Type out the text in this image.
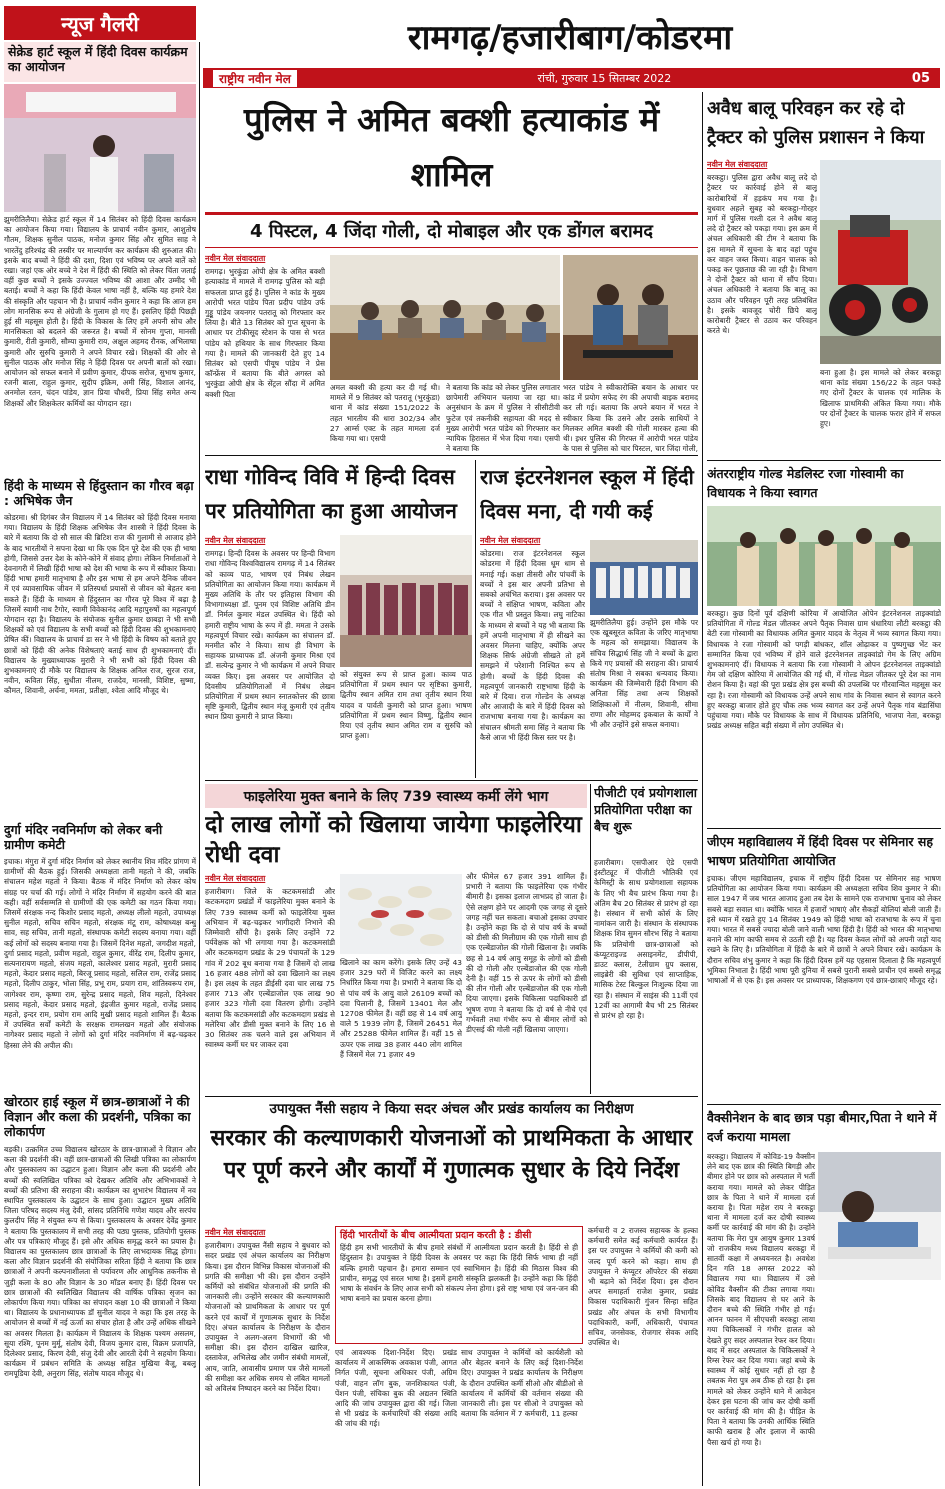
न्यूज गैलरी	रामगढ़/हजारीबाग/कोडरमा
राष्ट्रीय नवीन मेल	रांची, गुरुवार 15 सितम्बर 2022	05
सेक्रेड हार्ट स्कूल में हिंदी दिवस कार्यक्रम का आयोजन
झुमरीतिलैया। सेक्रेड हार्ट स्कूल में 14 सितंबर को हिंदी दिवस कार्यक्रम का आयोजन किया गया। विद्यालय के प्राचार्य नवीन कुमार, आशुतोष गौतम, शिक्षक सुनील पाठक, मनोज कुमार सिंह और सुमित साह ने भारतेंदु हरिश्चंद्र की तस्वीर पर माल्यार्पण कर कार्यक्रम की शुरुआत की। इसके बाद बच्चों ने हिंदी की दशा, दिशा एवं भविष्य पर अपने बातें को रखा। जहां एक ओर बच्चे ने देश में हिंदी की स्थिति को लेकर चिंता जताई वहीं कुछ बच्चों ने इसके उज्ज्वल भविष्य की आशा और उम्मीद भी बताई। बच्चों ने कहा कि हिंदी केवल भाषा नहीं है, बल्कि यह हमारे देश की संस्कृति और पहचान भी है। प्राचार्य नवीन कुमार ने कहा कि आज हम लोग मानसिक रूप से अंग्रेजी के गुलाम हो गए हैं। इसलिए हिंदी पिछड़ी हुई सी महसूस होती है। हिंदी के विकास के लिए हमें अपनी सोच और मानसिकता को बदलने की जरूरत है। बच्चों में सोनम गुप्ता, मानसी कुमारी, रीती कुमारी, सौम्या कुमारी राय, अक्षुल अहमद रौनक, अभिलाषा कुमारी और सुरुचि कुमारी ने अपने विचार रखे। शिक्षकों की ओर से सुनील पाठक और मनोज सिंह ने हिंदी दिवस पर अपनी बातों को रखा। आयोजन को सफल बनाने में प्रवीण कुमार, दीपक सरोज, सुभाष कुमार, रजनी बाला, राहुल कुमार, सुदीप इक्रिम, अमी सिंह, विशाल आनंद, अनमोल रतन, चंदन पांडेय, ज्ञान प्रिया चौधरी, प्रिया सिंह समेत अन्य शिक्षकों और शिक्षकेतर कर्मियों का योगदान रहा।
हिंदी के माध्यम से हिंदुस्तान का गौरव बढ़ा : अभिषेक जैन
कोडरमा। श्री दिगंबर जैन विद्यालय में 14 सितंबर को हिंदी दिवस मनाया गया। विद्यालय के हिंदी शिक्षक अभिषेक जैन शास्त्री ने हिंदी दिवस के बारे में बताया कि दो सौ साल की ब्रिटिश राज की गुलामी से आजाद होने के बाद भारतीयों ने सपना देखा था कि एक दिन पूरे देश की एक ही भाषा होगी, जिससे उत्तर देश के कोने-कोने में संवाद होगा। लेकिन निर्माताओं ने देवनागरी में लिखी हिंदी भाषा को देश की भाषा के रूप में स्वीकार किया। हिंदी भाषा हमारी मातृभाषा है और इस भाषा से हम अपने दैनिक जीवन में एवं व्यावसायिक जीवन में प्रतिस्पर्धा प्रयासों से जीवन को बेहतर बना सकते हैं। हिंदी के माध्यम से हिंदुस्तान का गौरव पूरे विश्व में बढ़ा है जिसमें स्वामी नाथ टैगोर, स्वामी विवेकानंद आदि महापुरुषों का महत्वपूर्ण योगदान रहा है। विद्यालय के संयोजक सुनील कुमार छाबड़ा ने भी सभी शिक्षकों को एवं विद्यालय के सभी बच्चों को हिंदी दिवस की शुभकामनाएं प्रेषित कीं। विद्यालय के प्राचार्य डा सर ने भी हिंदी के विषय को बताते हुए छात्रों को हिंदी की अनेक विशेषताएं बताई साथ ही शुभकामनाएं दीं। विद्यालय के मुख्याध्यापक मुरारी ने भी सभी को हिंदी दिवस की शुभकामनाएं दी मौके पर विद्यालय के शिक्षक अनिल राज, सुरज राज, नवीन, कविता सिंह, सुधीता नीलम, राजदेव, मानसी, विशिष्ट, सुष्मा, कौमत, शिवानी, अर्चना, ममता, प्रतीक्षा, श्वेता आदि मौजूद थे।
दुर्गा मंदिर नवनिर्माण को लेकर बनी ग्रामीण कमेटी
इचाक। मंगुरा में दुर्गा मंदिर निर्माण को लेकर स्थानीय शिव मंदिर प्रांगण में ग्रामीणों की बैठक हुई। जिसकी अध्यक्षता तानी महतो ने की, जबकि संचालन महेश महतो ने किया। बैठक में मंदिर निर्माण को लेकर कोष संग्रह पर चर्चा की गई। लोगों ने मंदिर निर्माण में सहयोग करने की बात कही। वहीं सर्वसम्मति से ग्रामीणों की एक कमेटी का गठन किया गया। जिसमें संरक्षक नन्द किशोर प्रसाद महतो, अध्यक्ष लीलो महतो, उपाध्यक्ष सुनील महतो, सचिव सचिन महतो, संरक्षक मंटू राम, कोषाध्यक्ष बन्धु साव, सह सचिव, तानी महतो, संस्थापक कमेटी सदस्य बनाया गया। वहीं कई लोगों को सदस्य बनाया गया है। जिसमें दिनेश महतो, जगदीश महतो, दुर्गा प्रसाद महतो, प्रवीण महतो, राहुल कुमार, वीरेंद्र राम, दिलीप कुमार, सत्यनारायण महतो, संजय महतो, कालेश्वर प्रसाद महतो, मुरारी प्रसाद महतो, केदार प्रसाद महतो, बिरजू प्रसाद महतो, सलिल राम, राजेंद्र प्रसाद महतो, दिलीप ठाकुर, भोला सिंह, प्रभू राम, प्रयाग राम, शांतिस्वरूप राम, जागेश्वर राम, कृष्णा राम, सुरेन्द्र प्रसाद महतो, शिव महतो, दिनेश्वर प्रसाद महतो, केदार प्रसाद महतो, इंद्रजीत कुमार महतो, राजेंद्र प्रसाद महतो, इन्दर राम, प्रयोग राम आदि मुखी प्रसाद महतो शामिल हैं। बैठक में उपस्थित सर्वों कमेटी के सरक्षक रामलखन महतो और संयोजक नागेश्वर प्रसाद महतो ने लोगों को दुर्गा मंदिर नवनिर्माण में बढ़-चढ़कर हिस्सा लेने की अपील की।
खोरठार हाई स्कूल में छात्र-छात्राओं ने की विज्ञान और कला की प्रदर्शनी, पत्रिका का लोकार्पण
बड़की। उत्क्रमित उच्च विद्यालय खोरठार के छात्र-छात्राओं ने विज्ञान और कला की प्रदर्शनी की। वहीं छात्र-छात्राओं की लिखी पत्रिका का लोकार्पण और पुस्तकालय का उद्घाटन हुआ। विज्ञान और कला की प्रदर्शनी और बच्चों की स्वलिखित पत्रिका को देखकर अतिथि और अभिभावकों ने बच्चों की प्रतिभा की सराहना की। कार्यक्रम का शुभारंभ विद्यालय में नव स्थापित पुस्तकालय के उद्घाटन के साथ हुआ। उद्घाटन मुख्य अतिथि जिला परिषद सदस्य मंजु देवी, सांसद प्रतिनिधि गणेश यादव और सरपंच कुलदीप सिंह ने संयुक्त रूप से किया। पुस्तकालय के अवसर देवेंद्र कुमार ने बताया कि पुस्तकालय में सभी तरह की पठ्य पुस्तक, प्रतियोगी पुस्तक और पत्र पत्रिकाएं मौजूद हैं। इसे और अधिक समृद्ध करने का प्रयास है। विद्यालय का पुस्तकालय छात्र छात्राओं के लिए लाभदायक सिद्ध होगा। कला और विज्ञान प्रदर्शनी की संयोजिका सरिता हिंदी ने बताया कि छात्र छात्राओं ने अपनी कल्पनाशीलता से पर्यावरण और आधुनिक तकनीक से जुड़ी कला के 80 और विज्ञान के 30 मॉडल बनाए हैं। हिंदी दिवस पर छात्र छात्राओं की स्वलिखित विद्यालय की वार्षिक पत्रिका सृजन का लोकार्पण किया गया। पत्रिका का संपादन कक्षा 10 की छात्राओं ने किया था। विद्यालय के प्रधानाध्यापक डॉ सुनील यादव ने कहा कि इस तरह के आयोजन से बच्चों में नई ऊर्जा का संचार होता है और उन्हें अधिक सीखने का अवसर मिलता है। कार्यक्रम में विद्यालय के शिक्षक पश्यम असलम, सूया रश्मि, पूनम मुर्मू, संतोष देवी, विजय कुमार दास, विक्रम प्रजापति, दिलेश्वर प्रसाद, किरण देवी, संजु देवी और आरती देवी ने सहयोग किया। कार्यक्रम में प्रबंधन समिति के अध्यक्ष सहित मुखिया बैजू, बबलू रामपूडिया देवी, अनुराग सिंह, संतोष यादव मौजूद थे।
पुलिस ने अमित बक्शी हत्याकांड में शामिल
4 पिस्टल, 4 जिंदा गोली, दो मोबाइल और एक डोंगल बरामद
नवीन मेल संवाददाता
रामगढ़। भुरकुंडा ओपी क्षेत्र के अमित बक्शी हत्याकांड में मामले में रामगढ़ पुलिस को बड़ी सफलता प्राप्त हुई है। पुलिस ने कांड के मुख्य आरोपी भरत पांडेय पिता प्रदीप पांडेय उर्फ गुड्डू पांडेय जयनगर पतरातू को गिरफ्तार कर लिया है। बीते 13 सितंबर को गुप्त सूचना के आधार पर टोकीसूद स्टेशन के पास से भरत पांडेय को हथियार के साथ गिरफ्तार किया गया है। मामले की जानकारी देते हुए 14 सितंबर को एसपी पीयूष पांडेय ने प्रेस कॉन्फ्रेंस में बताया कि बीते अगस्त को भुरकुंडा ओपी क्षेत्र के सेंट्रल सौंदा में अमित बक्शी पिता
अमल बक्शी की हत्या कर दी गई थी। मामले में 9 सितंबर को पतरातू (भुरकुंडा) थाना में कांड संख्या 151/2022 के तहत भारतीय की धारा 302/34 और 27 आर्म्स एक्ट के तहत मामला दर्ज किया गया था। एसपी
ने बताया कि कांड को लेकर पुलिस लगातार छापेमारी अभियान चलाया जा रहा था। अनुसंधान के क्रम में पुलिस ने सीसीटीवी फुटेज एवं तकनीकी सहायता की मदद से मुख्य आरोपी भरत पांडेय को गिरफ्तार कर न्यायिक हिरासत में भेज दिया गया। एसपी ने बताया कि
भरत पांडेय ने स्वीकारोक्ति बयान के आधार पर कांड में प्रयोग सफेद रंग की अपाची बाइक बरामद कर ली गई। बताया कि अपने बयान में भरत ने स्वीकार किया कि उसने और उसके साथियों ने मिलकर अमित बक्शी की गोली मारकर हत्या की थी। इधर पुलिस की गिरफ्त में आरोपी भरत पांडेय के पास से पुलिस को चार पिस्टल, चार जिंदा गोली,
राधा गोविन्द विवि में हिन्दी दिवस पर प्रतियोगिता का हुआ आयोजन
नवीन मेल संवाददाता
रामगढ़। हिन्दी दिवस के अवसर पर हिन्दी विभाग राधा गोविन्द विश्वविद्यालय रामगढ़ में 14 सितंबर को काव्य पाठ, भाषण एवं निबंध लेखन प्रतियोगिता का आयोजन किया गया। कार्यक्रम में मुख्य अतिथि के तौर पर इतिहास विभाग की विभागाध्यक्षा डॉ. पूनम एवं विशिष्ट अतिथि डीन डॉ. निर्मल कुमार मंडल उपस्थित थे। हिंदी को हमारी राष्ट्रीय भाषा के रूप में ही. ममता ने उसके महत्वपूर्ण विचार रखे। कार्यक्रम का संचालन डॉ. मनमीत कौर ने किया। साथ ही विभाग के सहायक प्राध्यापक डॉ. अंजनी कुमार मिश्रा एवं डॉ. सत्येन्द्र कुमार ने भी कार्यक्रम में अपने विचार व्यक्त किए। इस अवसर पर आयोजित दो दिवसीय प्रतियोगिताओं में निबंध लेखन प्रतियोगिता में प्रथम स्थान स्नातकोत्तर की छात्रा सृष्टि कुमारी, द्वितीय स्थान मंजू कुमारी एवं तृतीय स्थान प्रिया कुमारी ने प्राप्त किया।
को संयुक्त रूप से प्राप्त हुआ। काव्य पाठ प्रतियोगिता में प्रथम स्थान पर सृष्टिका कुमारी, द्वितीय स्थान अमित राम तथा तृतीय स्थान रिया यादव व पार्वती कुमारी को प्राप्त हुआ। भाषण प्रतियोगिता में प्रथम स्थान विष्णु, द्वितीय स्थान रिया एवं तृतीय स्थान अमित राम व सुरुचि को प्राप्त हुआ।
राज इंटरनेशनल स्कूल में हिंदी दिवस मना, दी गयी कई
नवीन मेल संवाददाता
कोडरमा। राज इंटरनेशनल स्कूल कोडरमा में हिंदी दिवस धूम धाम से मनाई गई। कक्षा तीसरी और पांचवीं के बच्चों ने इस बार अपनी प्रतिभा से सबको अचंभित कराया। इस अवसर पर बच्चों ने संक्षिप्त भाषण, कविता और एक गीत भी प्रस्तुत किया। लघु नाटिका के माध्यम से बच्चों ने यह भी बताया कि हमें अपनी मातृभाषा में ही सीखने का अवसर मिलना चाहिए, क्योंकि अपर शिक्षक सिर्फ अंग्रेजी सीखते तो हमें समझने में परेशानी निश्चित रूप से होगी। बच्चों के हिंदी दिवस की महत्वपूर्ण जानकारी राष्ट्रभाषा हिंदी के बारे में दिया। राज गोल्डेन के अध्यक्ष और आजादी के बारे में हिंदी दिवस को राजभाषा बनाया गया है। कार्यक्रम का संचालन श्रीमती समा सिंह ने बताया कि कैसे आज भी हिंदी किस स्तर पर है।
झुमरीतिलैया हुई। उन्होंने इस मौके पर एक खूबसूरत कविता के जरिए मातृभाषा के महत्व को समझाया। विद्यालय के संचिव सिद्धार्थ सिंह जी ने बच्चों के द्वारा किये गए प्रयासों की सराहना की। प्राचार्य संतोष मिश्रा ने सबका धन्यवाद किया। कार्यक्रम की जिम्मेवारी हिंदी विभाग की अनिता सिंह तथा अन्य शिक्षकों शिक्षिकाओं में नीलम, शिवानी, सीमा राणा और मोहम्मद इकबाल के कार्यों ने भी और उन्होंने इसे सफल बनाया।
फाइलेरिया मुक्त बनाने के लिए 739 स्वास्थ्य कर्मी लेंगे भाग
दो लाख लोगों को खिलाया जायेगा फाइलेरिया रोधी दवा
नवीन मेल संवाददाता
हजारीबाग। जिले के कटकमसांडी और कटकमदाग प्रखंडों में फाइलेरिया मुक्त बनाने के लिए 739 स्वास्थ्य कर्मी को फाइलेरिया मुक्त अभियान में बढ़-चढ़कर भागीदारी निभाने की जिम्मेवारी सौंपी है। इसके लिए उन्होंने 72 पर्यवेक्षक को भी लगाया गया है। कटकमसांडी और कटकमदाग प्रखंड के 29 पंचायतों के 129 गांव में 202 बूथ बनाया गया है जिसमें दो लाख 16 हजार 488 लोगों को दवा खिलाने का लक्ष्य है। इस लक्ष्य के तहत डीईसी दवा चार लाख 75 हजार 713 और एल्बेंडाजोल एक लाख 90 हजार 323 गोली दवा वितरण होगी। उन्होंने बताया कि कटकमसांडी और कटकमदाग प्रखंड से मलेरिया और डीसी मुक्त बनाने के लिए 16 से 30 सितंबर तक चलने वाले इस अभियान में स्वास्थ्य कर्मी घर घर जाकर दवा
खिलाने का काम करेंगे। इसके लिए उन्हें 43 हजार 329 घरों में विजिट करने का लक्ष्य निर्धारित किया गया है। प्रभारी ने बताया कि दो से पांच वर्ष के आयु वाले 26109 बच्चों को दवा पिलानी है, जिसमें 13401 मेल और 12708 फीमेल हैं। वहीं छह से 14 वर्ष आयु वाले 5 1939 लोग हैं, जिसमें 26451 मेल और 25288 फीमेल शामिल हैं। वहीं 15 से ऊपर एक लाख 38 हजार 440 लोग शामिल हैं जिसमें मेल 71 हजार 49
और फीमेल 67 हजार 391 शामिल हैं। प्रभारी ने बताया कि फाइलेरिया एक गंभीर बीमारी है। इसका इलाज लाभप्रद हो जाता है। ऐसे लक्षण होने पर आदमी एक जगह से दूसरे जगह नहीं चल सकता। बचाओ इसका उपचार है। उन्होंने कहा कि दो से पांच वर्ष के बच्चों को डीसी की मिलीग्राम की एक गोली साथ ही एक एल्बेंडाजोल की गोली खिलाना है। जबकि छह से 14 वर्ष आयु समूह के लोगों को डीसी की दो गोली और एल्बेंडाजोल की एक गोली देनी है। वहीं 15 से ऊपर के लोगों को डीसी की तीन गोली और एल्बेंडाजोल की एक गोली दिया जाएगा। इसके चिकित्सा पदाधिकारी डॉ भूषण राणा ने बताया कि दो वर्ष से नीचे एवं गर्भवती तथा गंभीर रूप से बीमार लोगों को डीएसई की गोली नहीं खिलाया जाएगा।
पीजीटी एवं प्रयोगशाला प्रतियोगिता परीक्षा का बैच शुरू
हजारीबाग। एसपीआर ऐडे एसपी इंस्टीट्यूट में पीजीटी भौतिकी एवं केमिस्ट्री के साथ प्रयोगशाला सहायक के लिए भी बैच प्रारंभ किया गया है। अंतिम बैच 20 सितंबर से प्रारंभ हो रहा है। संस्थान में सभी कोर्स के लिए नामांकन जारी है। संस्थान के संस्थापक शिक्षक शिव सुमन सौरभ सिंह ने बताया कि प्रतियोगी छात्र-छात्राओं को कंप्यूटराइज्ड असाइनमेंट, डीपीपी, डाउट क्लास, टेलीग्राम ग्रुप क्लास, लाइब्रेरी की सुविधा एवं साप्ताहिक, मासिक टेस्ट बिल्कुल निःशुल्क दिया जा रहा है। संस्थान में साइंस की 11वीं एवं 12वीं का आगामी बैच भी 25 सितंबर से प्रारंभ हो रहा है।
उपायुक्त नैंसी सहाय ने किया सदर अंचल और प्रखंड कार्यालय का निरीक्षण
सरकार की कल्याणकारी योजनाओं को प्राथमिकता के आधार पर पूर्ण करने और कार्यों में गुणात्मक सुधार के दिये निर्देश
नवीन मेल संवाददाता
हजारीबाग। उपायुक्त नैंसी सहाय ने बुधवार को सदर प्रखंड एवं अंचल कार्यालय का निरीक्षण किया। इस दौरान विभिन्न विकास योजनाओं की प्रगति की समीक्षा भी की। इस दौरान उन्होंने कर्मियों को संबंधित योजनाओं की प्रगति की जानकारी ली। उन्होंने सरकार की कल्याणकारी योजनाओं को प्राथमिकता के आधार पर पूर्ण करने एवं कार्यों में गुणात्मक सुधार के निर्देश दिए। अंचल कार्यालय के निरीक्षण के दौरान उपायुक्त ने अलग-अलग विभागों की भी समीक्षा की। इस दौरान दाखिल खारिज, दस्तावेज, अभिलेख और जमीन संबंधी मामलों, आय, जाति, आवासीय प्रमाण पत्र जैसे मामलों की समीक्षा कर अधिक समय से लंबित मामलों को अविलंब निष्पादन करने का निर्देश दिया।
हिंदी भारतीयों के बीच आत्मीयता प्रदान करती है : डीसी
हिंदी हम सभी भारतीयों के बीच हमारे संबंधों में आत्मीयता प्रदान करती है। हिंदी से ही हिंदुस्तान है। उपायुक्त ने हिंदी दिवस के अवसर पर कहा कि हिंदी सिर्फ भाषा ही नहीं बल्कि हमारी पहचान है। हमारा सम्मान एवं स्वाभिमान है। हिंदी की मिठास विश्व की प्राचीन, समृद्ध एवं सरल भाषा है। इसमें हमारी संस्कृति झलकती है। उन्होंने कहा कि हिंदी भाषा के संवर्धन के लिए आज सभी को संकल्प लेना होगा। इसे राष्ट्र भाषा एवं जन-जन की भाषा बनाने का प्रयास करना होगा।
एवं आवश्यक दिशा-निर्देश दिए। प्रखंड कार्यालय में आकस्मिक अवकाश पंजी, आगत निर्गत पंजी, सूचना अधिकार पंजी, अग्रिम पंजी, वाहन लॉग बुक, जनशिकायत पंजी, पेंशन पंजी, संचिका बुक की अद्यतन स्थिति आदि की जांच उपायुक्त द्वारा की गई। जिला से भी प्रखंड के कर्मचारियों की संख्या आदि की जांच की गई।
साथ उपायुक्त ने कर्मियों को कार्यशैली को और बेहतर बनाने के लिए कई दिशा-निर्देश दिए। उपायुक्त ने प्रखंड कार्यालय के निरीक्षण के दौरान उपस्थित कर्मी सीओ और बीडीओ से कार्यालय में कर्मियों की वर्तमान संख्या की जानकारी ली। इस पर सीओ ने उपायुक्त को बताया कि वर्तमान में 7 कर्मचारी, 11 हल्का
कर्मचारी व 2 राजस्व सहायक के हल्का कर्मचारी समेत कई कर्मचारी कार्यरत हैं। इस पर उपायुक्त ने कर्मियों की कमी को जल्द पूर्ण करने को कहा। साथ ही उपायुक्त ने कंप्यूटर ऑपरेटर की संख्या भी बढ़ाने को निर्देश दिया। इस दौरान अपर समाहर्ता राजेश कुमार, प्रखंड विकास पदाधिकारी गुंजन सिन्हा सहित प्रखंड और अंचल के सभी विभागीय पदाधिकारी, कर्मी, अधिकारी, पंचायत सचिव, जनसेवक, रोजगार सेवक आदि उपस्थित थे।
अवैध बालू परिवहन कर रहे दो ट्रैक्टर को पुलिस प्रशासन ने किया
नवीन मेल संवाददाता
बरकट्ठा। पुलिस द्वारा अवैध बालू लदे दो ट्रैक्टर पर कार्रवाई होने से बालू कारोबारियों में हड़कंप मच गया है। बुधवार अहले सुबह को बरकट्ठा-गोरहर मार्ग में पुलिस गश्ती दल ने अवैध बालू लदे दो ट्रैक्टर को पकड़ा गया। इस क्रम में अंचल अधिकारी की टीम ने बताया कि इस मामले में सूचना के बाद वहां पहुंच कर वाहन जब्त किया। वाहन चालक को पकड़ कर पूछताछ की जा रही है। विभाग ने दोनों ट्रैक्टर को थाना में सौंप दिया। अंचल अधिकारी ने बताया कि बालू का उठाव और परिवहन पूरी तरह प्रतिबंधित है। इसके बावजूद चोरी छिपे बालू कारोबारी ट्रैक्टर से उठाव कर परिवहन करते थे।
बना हुआ है। इस मामले को लेकर बरकट्ठा थाना कांड संख्या 156/22 के तहत पकड़े गए दोनों ट्रैक्टर के चालक एवं मालिक के खिलाफ प्राथमिकी अंकित किया गया। मौके पर दोनों ट्रैक्टर के चालक फरार होने में सफल हुए।
अंतरराष्ट्रीय गोल्ड मेडलिस्ट रजा गोस्वामी का विधायक ने किया स्वागत
बरकट्ठा। कुछ दिनों पूर्व दक्षिणी कोरिया में आयोजित ओपेन इंटरनेशनल ताइक्वांडो प्रतियोगिता में गोल्ड मेडल जीतकर अपने पैतृक निवास ग्राम धंधारिया लौटी बरकट्ठा की बेटी रजा गोस्वामी का विधायक अमित कुमार यादव के नेतृत्व में भव्य स्वागत किया गया। विधायक ने रजा गोस्वामी को पगड़ी बांधकर, शॉल ओढ़ाकर व पुष्पगुच्छ भेंट कर सम्मानित किया एवं भविष्य में होने वाले इंटरनेशनल ताइक्वांडो गेम के लिए अग्रिम शुभकामनाएं दीं। विधायक ने बताया कि रजा गोस्वामी ने ओपन इंटरनेशनल ताइक्वांडो गेम जो दक्षिण कोरिया में आयोजित की गई थी, में गोल्ड मेडल जीतकर पूरे देश का नाम रोशन किया है। वहां की पूरा प्रखंड क्षेत्र इस बच्ची की उपलब्धि पर गौरवान्वित महसूस कर रहा है। रजा गोस्वामी को विधायक उन्हें अपने साथ गांव के निवास स्थान से स्वागत करने हुए बरकट्ठा बाजार होते हुए चौक तक भव्य स्वागत कर उन्हें अपने पैतृक गांव बंडासिंघा पहुंचाया गया। मौके पर विधायक के साथ में विधायक प्रतिनिधि, भाजपा नेता, बरकट्ठा प्रखंड अध्यक्ष सहित बड़ी संख्या में लोग उपस्थित थे।
जीएम महाविद्यालय में हिंदी दिवस पर सेमिनार सह भाषण प्रतियोगिता आयोजित
इचाक। जीएम महाविद्यालय, इचाक में राष्ट्रीय हिंदी दिवस पर सेमिनार सह भाषण प्रतियोगिता का आयोजन किया गया। कार्यक्रम की अध्यक्षता सचिव शिव कुमार ने की। साल 1947 में जब भारत आजाद हुआ तब देश के सामने एक राजभाषा चुनाव को लेकर सबसे बड़ा सवाल था। क्योंकि भारत में हजारों भाषाएं और सैकड़ों बोलियां बोली जाती हैं। इसे ध्यान में रखते हुए 14 सितंबर 1949 को हिंदी भाषा को राजभाषा के रूप में चुना गया। भारत में सबसे ज्यादा बोली जाने वाली भाषा हिंदी है। हिंदी को भारत की मातृभाषा बनाने की मांग काफी समय से उठती रही है। यह दिवस केवल लोगों को अपनी जड़ों याद रखने के लिए है। प्रतियोगिता में हिंदी के बारे में छात्रों ने अपने विचार रखे। कार्यक्रम के दौरान सचिव शंभु कुमार ने कहा कि हिंदी दिवस हमें यह एहसास दिलाता है कि महत्वपूर्ण भूमिका निभाता है। हिंदी भाषा पूरी दुनिया में सबसे पुरानी सबसे प्राचीन एवं सबसे समृद्ध भाषाओं में से एक है। इस अवसर पर प्राध्यापक, शिक्षकगण एवं छात्र-छात्राएं मौजूद रहे।
वैक्सीनेशन के बाद छात्र पड़ा बीमार,पिता ने थाने में दर्ज कराया मामला
बरकट्ठा। विद्यालय में कोविड-19 वैक्सीन लेने बाद एक छात्र की स्थिति बिगड़ी और बीमार होने पर छात्र को अस्पताल में भर्ती कराया गया। मामले को लेकर पीड़ित छात्र के पिता ने थाने में मामला दर्ज कराया है। पिता महेश राय ने बरकट्ठा थाना में मामला दर्ज कर दोषी स्वास्थ्य कर्मी पर कार्रवाई की मांग की है। उन्होंने बताया कि मेरा पुत्र आयुष कुमार 13वर्ष जो राजकीय मध्य विद्यालय बरकट्ठा में सातवीं कक्षा में अध्ययनरत है। अवधेश दिन गति 18 अगस्त 2022 को विद्यालय गया था। विद्यालय में उसे कोविड वैक्सीन की टीका लगाया गया। जिसके बाद विद्यालय से घर आने के दौरान बच्चे की स्थिति गंभीर हो गई। आनन फानन में सीएचसी बरकट्ठा लाया गया चिकित्सकों ने गंभीर हालत को देखते हुए सदर अस्पताल रेफर कर दिया। बाद में सदर अस्पताल के चिकित्सकों ने रिम्स रेफर कर दिया गया। जहां बच्चे के स्वास्थ्य में कोई सुधार नहीं हो रहा है तबतक मेरा पुत्र अब ठीक हो रहा है। इस मामले को लेकर उन्होंने थाने में आवेदन देकर इस घटना की जांच कर दोषी कर्मी पर कार्रवाई की मांग की है। पीड़ित के पिता ने बताया कि उनकी आर्थिक स्थिति काफी खराब है और इलाज में काफी पैसा खर्च हो गया है।
